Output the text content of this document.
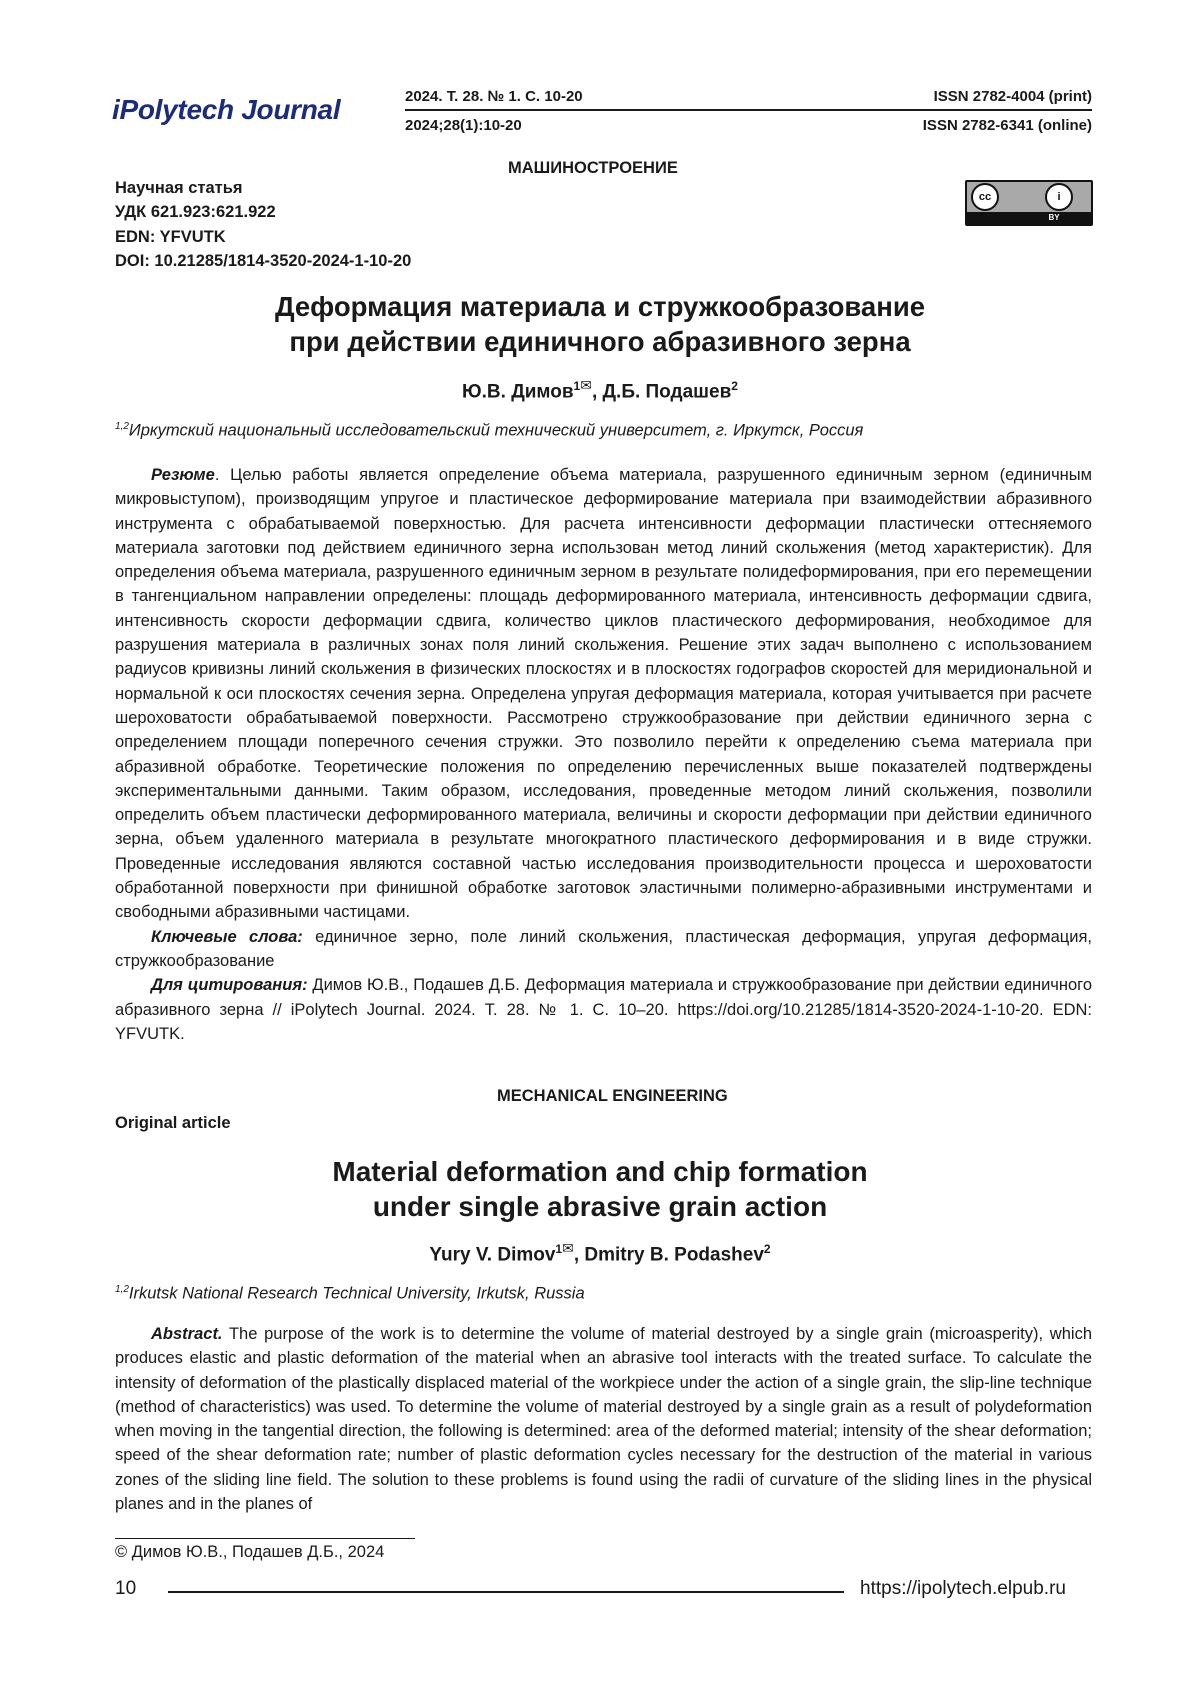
iPolytech Journal	2024. Т. 28. № 1. С. 10-20	ISSN 2782-4004 (print)
2024;28(1):10-20	ISSN 2782-6341 (online)
МАШИНОСТРОЕНИЕ
Научная статья
УДК 621.923:621.922
EDN: YFVUTK
DOI: 10.21285/1814-3520-2024-1-10-20
cc	i
BY
Деформация материала и стружкообразование
при действии единичного абразивного зерна
Ю.В. Димов$^{1✉}$, Д.Б. Подашев$^2$
$^{1,2}$Иркутский национальный исследовательский технический университет, г. Иркутск, Россия

Резюме. Целью работы является определение объема материала, разрушенного единичным зерном (единичным микровыступом), производящим упругое и пластическое деформирование материала при взаимодействии абразивного инструмента с обрабатываемой поверхностью. Для расчета интенсивности деформации пластически оттесняемого материала заготовки под действием единичного зерна использован метод линий скольжения (метод характеристик). Для определения объема материала, разрушенного единичным зерном в результате полидеформирования, при его перемещении в тангенциальном направлении определены: площадь деформированного материала, интенсивность деформации сдвига, интенсивность скорости деформации сдвига, количество циклов пластического деформирования, необходимое для разрушения материала в различных зонах поля линий скольжения. Решение этих задач выполнено с использованием радиусов кривизны линий скольжения в физических плоскостях и в плоскостях годографов скоростей для меридиональной и нормальной к оси плоскостях сечения зерна. Определена упругая деформация материала, которая учитывается при расчете шероховатости обрабатываемой поверхности. Рассмотрено стружкообразование при действии единичного зерна с определением площади поперечного сечения стружки. Это позволило перейти к определению съема материала при абразивной обработке. Теоретические положения по определению перечисленных выше показателей подтверждены экспериментальными данными. Таким образом, исследования, проведенные методом линий скольжения, позволили определить объем пластически деформированного материала, величины и скорости деформации при действии единичного зерна, объем удаленного материала в результате многократного пластического деформирования и в виде стружки. Проведенные исследования являются составной частью исследования производительности процесса и шероховатости обработанной поверхности при финишной обработке заготовок эластичными полимерно-абразивными инструментами и свободными абразивными частицами.

Ключевые слова: единичное зерно, поле линий скольжения, пластическая деформация, упругая деформация, стружкообразование

Для цитирования: Димов Ю.В., Подашев Д.Б. Деформация материала и стружкообразование при действии единичного абразивного зерна // iPolytech Journal. 2024. Т. 28. № 1. С. 10–20. https://doi.org/10.21285/1814-3520-2024-1-10-20. EDN: YFVUTK.

MECHANICAL ENGINEERING
Original article
Material deformation and chip formation
under single abrasive grain action
Yury V. Dimov$^{1✉}$, Dmitry B. Podashev$^2$
$^{1,2}$Irkutsk National Research Technical University, Irkutsk, Russia

Abstract. The purpose of the work is to determine the volume of material destroyed by a single grain (microasperity), which produces elastic and plastic deformation of the material when an abrasive tool interacts with the treated surface. To calculate the intensity of deformation of the plastically displaced material of the workpiece under the action of a single grain, the slip-line technique (method of characteristics) was used. To determine the volume of material destroyed by a single grain as a result of polydeformation when moving in the tangential direction, the following is determined: area of the deformed material; intensity of the shear deformation; speed of the shear deformation rate; number of plastic deformation cycles necessary for the destruction of the material in various zones of the sliding line field. The solution to these problems is found using the radii of curvature of the sliding lines in the physical planes and in the planes of

© Димов Ю.В., Подашев Д.Б., 2024
10	https://ipolytech.elpub.ru
